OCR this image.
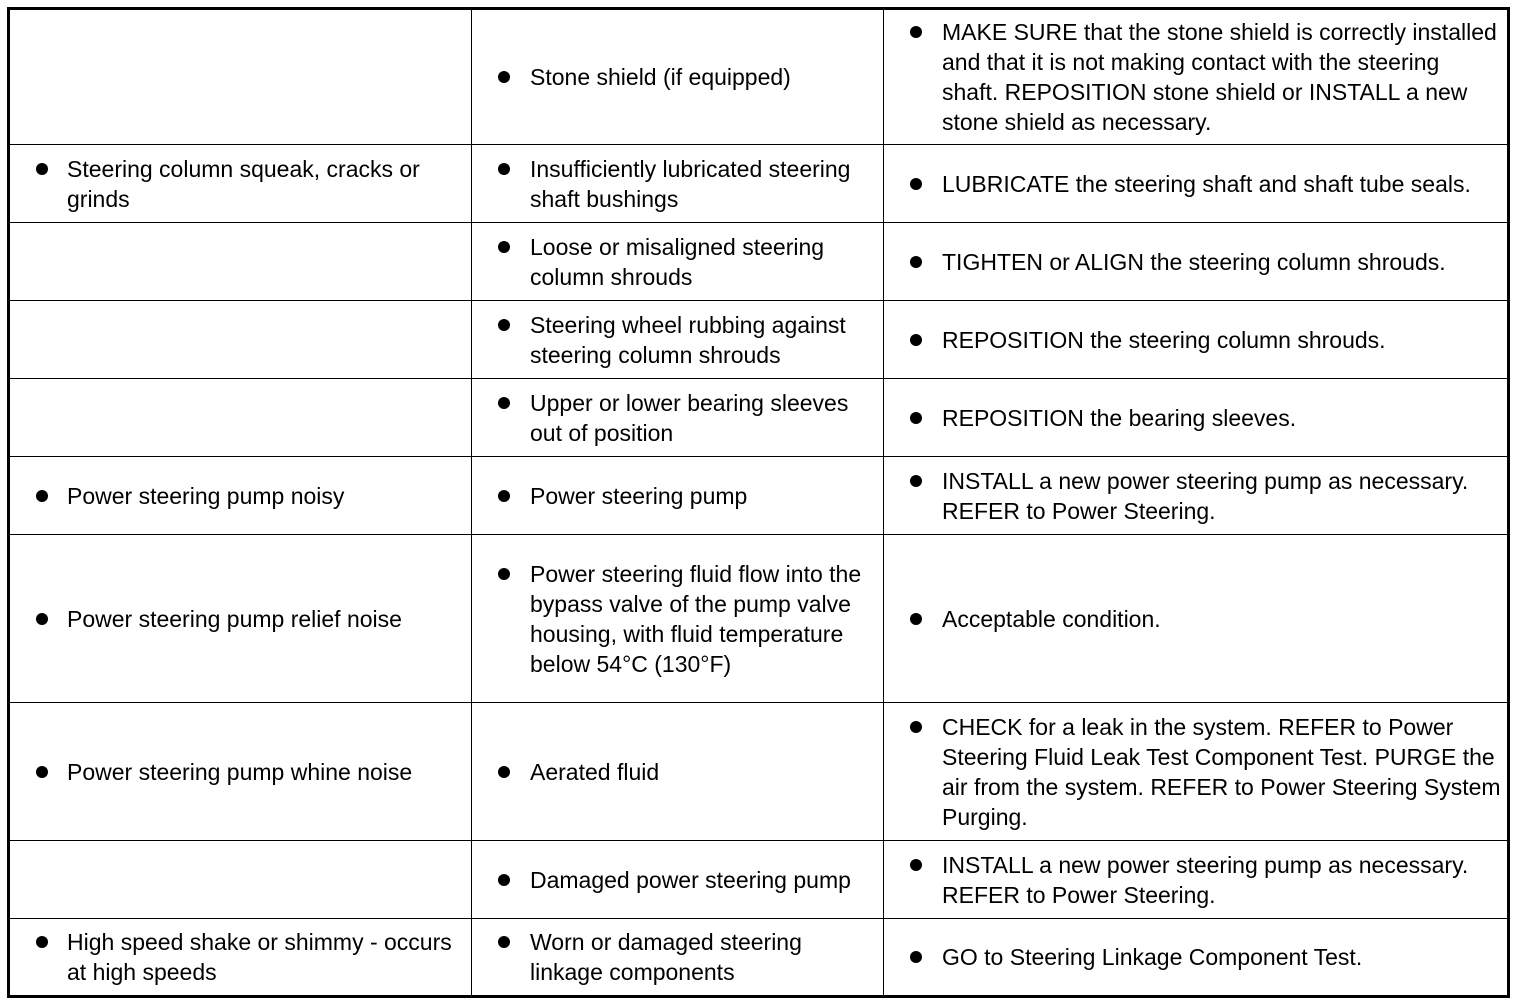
	Stone shield (if equipped)	MAKE SURE that the stone shield is correctly installed and that it is not making contact with the steering shaft. REPOSITION stone shield or INSTALL a new stone shield as necessary.

Steering column squeak, cracks or grinds	Insufficiently lubricated steering shaft bushings	LUBRICATE the steering shaft and shaft tube seals.

	Loose or misaligned steering column shrouds	TIGHTEN or ALIGN the steering column shrouds.

	Steering wheel rubbing against steering column shrouds	REPOSITION the steering column shrouds.

	Upper or lower bearing sleeves out of position	REPOSITION the bearing sleeves.

Power steering pump noisy	Power steering pump	INSTALL a new power steering pump as necessary. REFER to Power Steering.

Power steering pump relief noise	Power steering fluid flow into the bypass valve of the pump valve housing, with fluid temperature below 54°C (130°F)	Acceptable condition.

Power steering pump whine noise	Aerated fluid	CHECK for a leak in the system. REFER to Power Steering Fluid Leak Test Component Test. PURGE the air from the system. REFER to Power Steering System Purging.

	Damaged power steering pump	INSTALL a new power steering pump as necessary. REFER to Power Steering.

High speed shake or shimmy - occurs at high speeds	Worn or damaged steering linkage components	GO to Steering Linkage Component Test.
